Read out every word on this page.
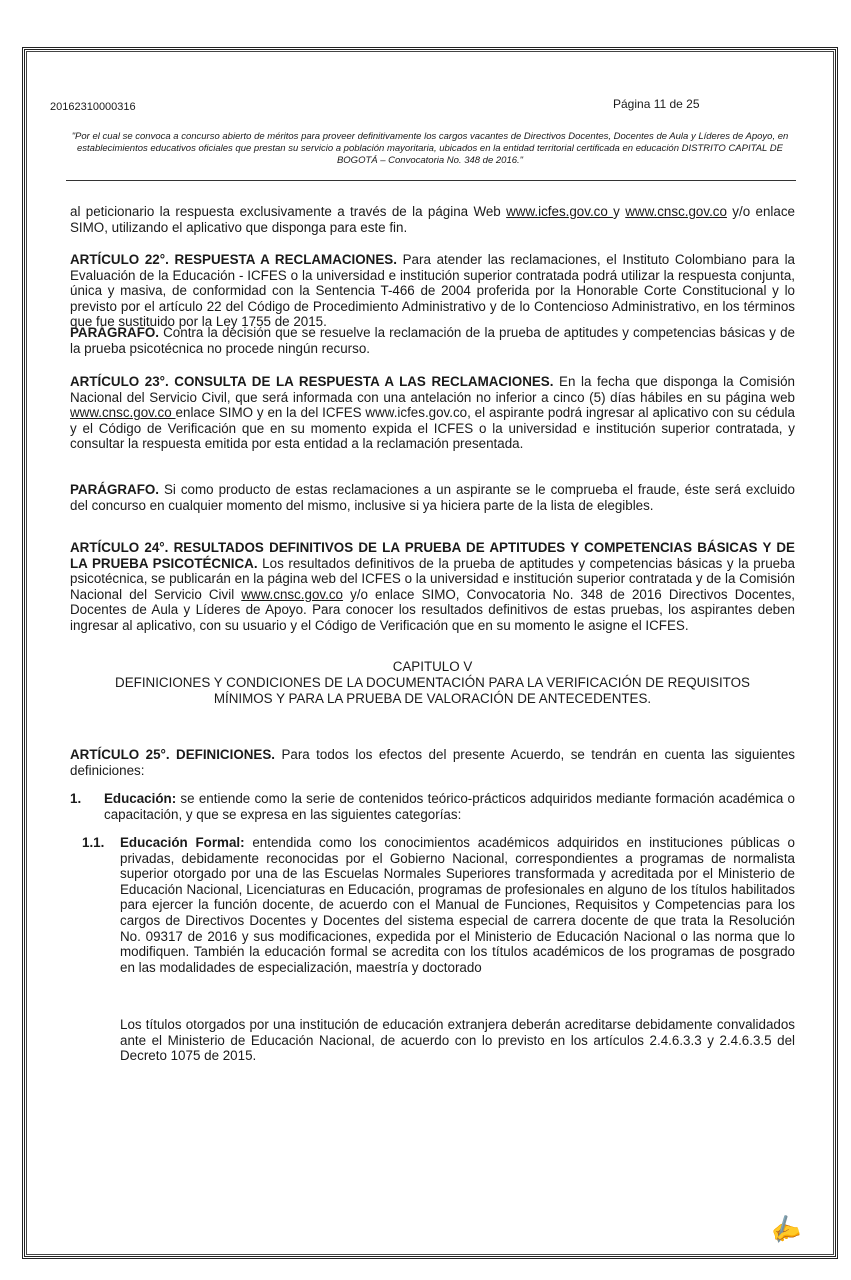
20162310000316	Página 11 de 25
"Por el cual se convoca a concurso abierto de méritos para proveer definitivamente los cargos vacantes de Directivos Docentes, Docentes de Aula y Líderes de Apoyo, en establecimientos educativos oficiales que prestan su servicio a población mayoritaria, ubicados en la entidad territorial certificada en educación DISTRITO CAPITAL DE BOGOTÁ – Convocatoria No. 348 de 2016."
al peticionario la respuesta exclusivamente a través de la página Web www.icfes.gov.co y www.cnsc.gov.co y/o enlace SIMO, utilizando el aplicativo que disponga para este fin.
ARTÍCULO 22°. RESPUESTA A RECLAMACIONES. Para atender las reclamaciones, el Instituto Colombiano para la Evaluación de la Educación - ICFES o la universidad e institución superior contratada podrá utilizar la respuesta conjunta, única y masiva, de conformidad con la Sentencia T-466 de 2004 proferida por la Honorable Corte Constitucional y lo previsto por el artículo 22 del Código de Procedimiento Administrativo y de lo Contencioso Administrativo, en los términos que fue sustituido por la Ley 1755 de 2015.
PARÁGRAFO. Contra la decisión que se resuelve la reclamación de la prueba de aptitudes y competencias básicas y de la prueba psicotécnica no procede ningún recurso.
ARTÍCULO 23°. CONSULTA DE LA RESPUESTA A LAS RECLAMACIONES. En la fecha que disponga la Comisión Nacional del Servicio Civil, que será informada con una antelación no inferior a cinco (5) días hábiles en su página web www.cnsc.gov.co enlace SIMO y en la del ICFES www.icfes.gov.co, el aspirante podrá ingresar al aplicativo con su cédula y el Código de Verificación que en su momento expida el ICFES o la universidad e institución superior contratada, y consultar la respuesta emitida por esta entidad a la reclamación presentada.
PARÁGRAFO. Si como producto de estas reclamaciones a un aspirante se le comprueba el fraude, éste será excluido del concurso en cualquier momento del mismo, inclusive si ya hiciera parte de la lista de elegibles.
ARTÍCULO 24°. RESULTADOS DEFINITIVOS DE LA PRUEBA DE APTITUDES Y COMPETENCIAS BÁSICAS Y DE LA PRUEBA PSICOTÉCNICA. Los resultados definitivos de la prueba de aptitudes y competencias básicas y la prueba psicotécnica, se publicarán en la página web del ICFES o la universidad e institución superior contratada y de la Comisión Nacional del Servicio Civil www.cnsc.gov.co y/o enlace SIMO, Convocatoria No. 348 de 2016 Directivos Docentes, Docentes de Aula y Líderes de Apoyo. Para conocer los resultados definitivos de estas pruebas, los aspirantes deben ingresar al aplicativo, con su usuario y el Código de Verificación que en su momento le asigne el ICFES.
CAPITULO V
DEFINICIONES Y CONDICIONES DE LA DOCUMENTACIÓN PARA LA VERIFICACIÓN DE REQUISITOS MÍNIMOS Y PARA LA PRUEBA DE VALORACIÓN DE ANTECEDENTES.
ARTÍCULO 25°. DEFINICIONES. Para todos los efectos del presente Acuerdo, se tendrán en cuenta las siguientes definiciones:
1. Educación: se entiende como la serie de contenidos teórico-prácticos adquiridos mediante formación académica o capacitación, y que se expresa en las siguientes categorías:
1.1. Educación Formal: entendida como los conocimientos académicos adquiridos en instituciones públicas o privadas, debidamente reconocidas por el Gobierno Nacional, correspondientes a programas de normalista superior otorgado por una de las Escuelas Normales Superiores transformada y acreditada por el Ministerio de Educación Nacional, Licenciaturas en Educación, programas de profesionales en alguno de los títulos habilitados para ejercer la función docente, de acuerdo con el Manual de Funciones, Requisitos y Competencias para los cargos de Directivos Docentes y Docentes del sistema especial de carrera docente de que trata la Resolución No. 09317 de 2016 y sus modificaciones, expedida por el Ministerio de Educación Nacional o las norma que lo modifiquen. También la educación formal se acredita con los títulos académicos de los programas de posgrado en las modalidades de especialización, maestría y doctorado
Los títulos otorgados por una institución de educación extranjera deberán acreditarse debidamente convalidados ante el Ministerio de Educación Nacional, de acuerdo con lo previsto en los artículos 2.4.6.3.3 y 2.4.6.3.5 del Decreto 1075 de 2015.
✍
